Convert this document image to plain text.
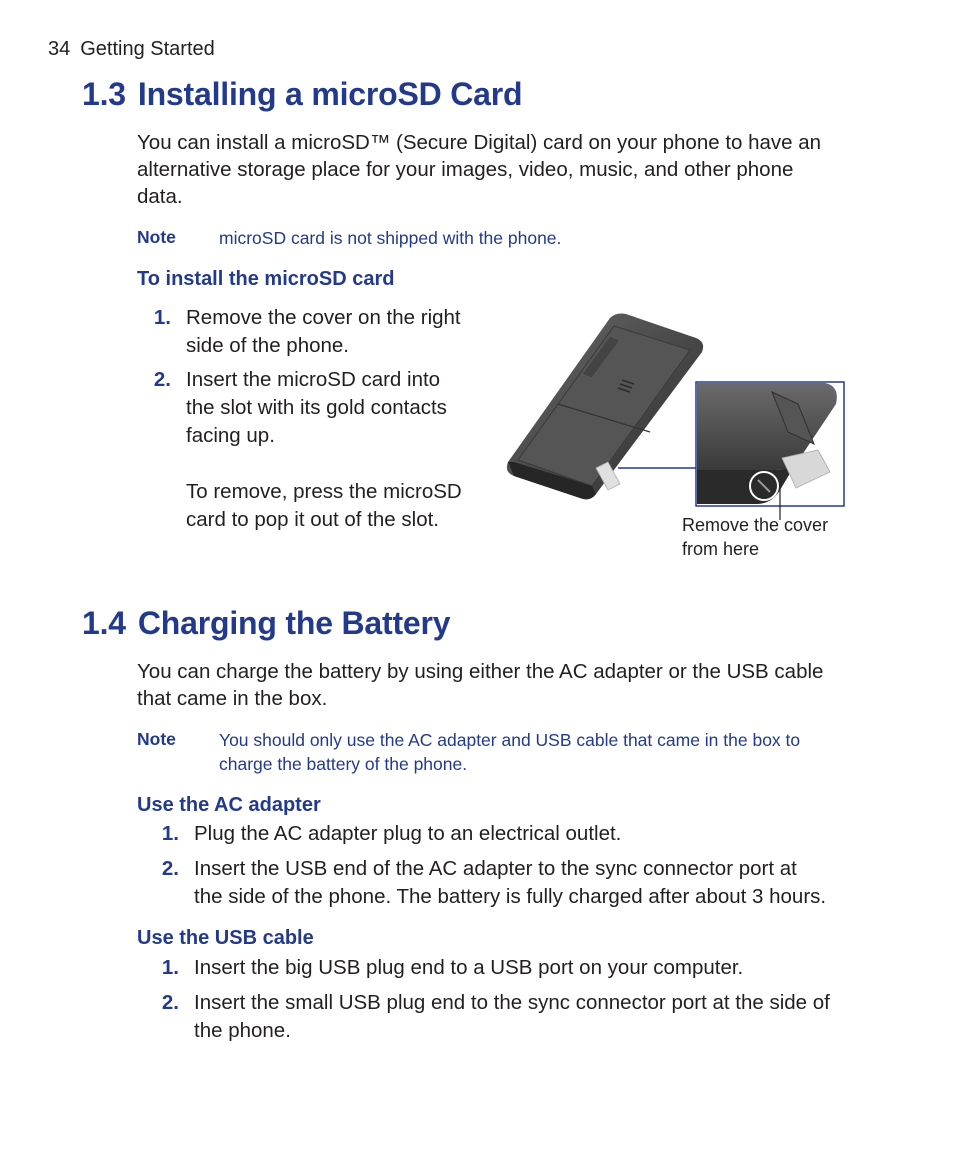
34 Getting Started
1.3 Installing a microSD Card
You can install a microSD™ (Secure Digital) card on your phone to have an
alternative storage place for your images, video, music, and other phone
data.
Note microSD card is not shipped with the phone.
To install the microSD card
1. Remove the cover on the right
side of the phone.
2. Insert the microSD card into
the slot with its gold contacts
facing up.
To remove, press the microSD
card to pop it out of the slot.	Remove the cover
from here
1.4 Charging the Battery
You can charge the battery by using either the AC adapter or the USB cable
that came in the box.
Note You should only use the AC adapter and USB cable that came in the box to
charge the battery of the phone.
Use the AC adapter
1. Plug the AC adapter plug to an electrical outlet.
2. Insert the USB end of the AC adapter to the sync connector port at
the side of the phone. The battery is fully charged after about 3 hours.
Use the USB cable
1. Insert the big USB plug end to a USB port on your computer.
2. Insert the small USB plug end to the sync connector port at the side of
the phone.
